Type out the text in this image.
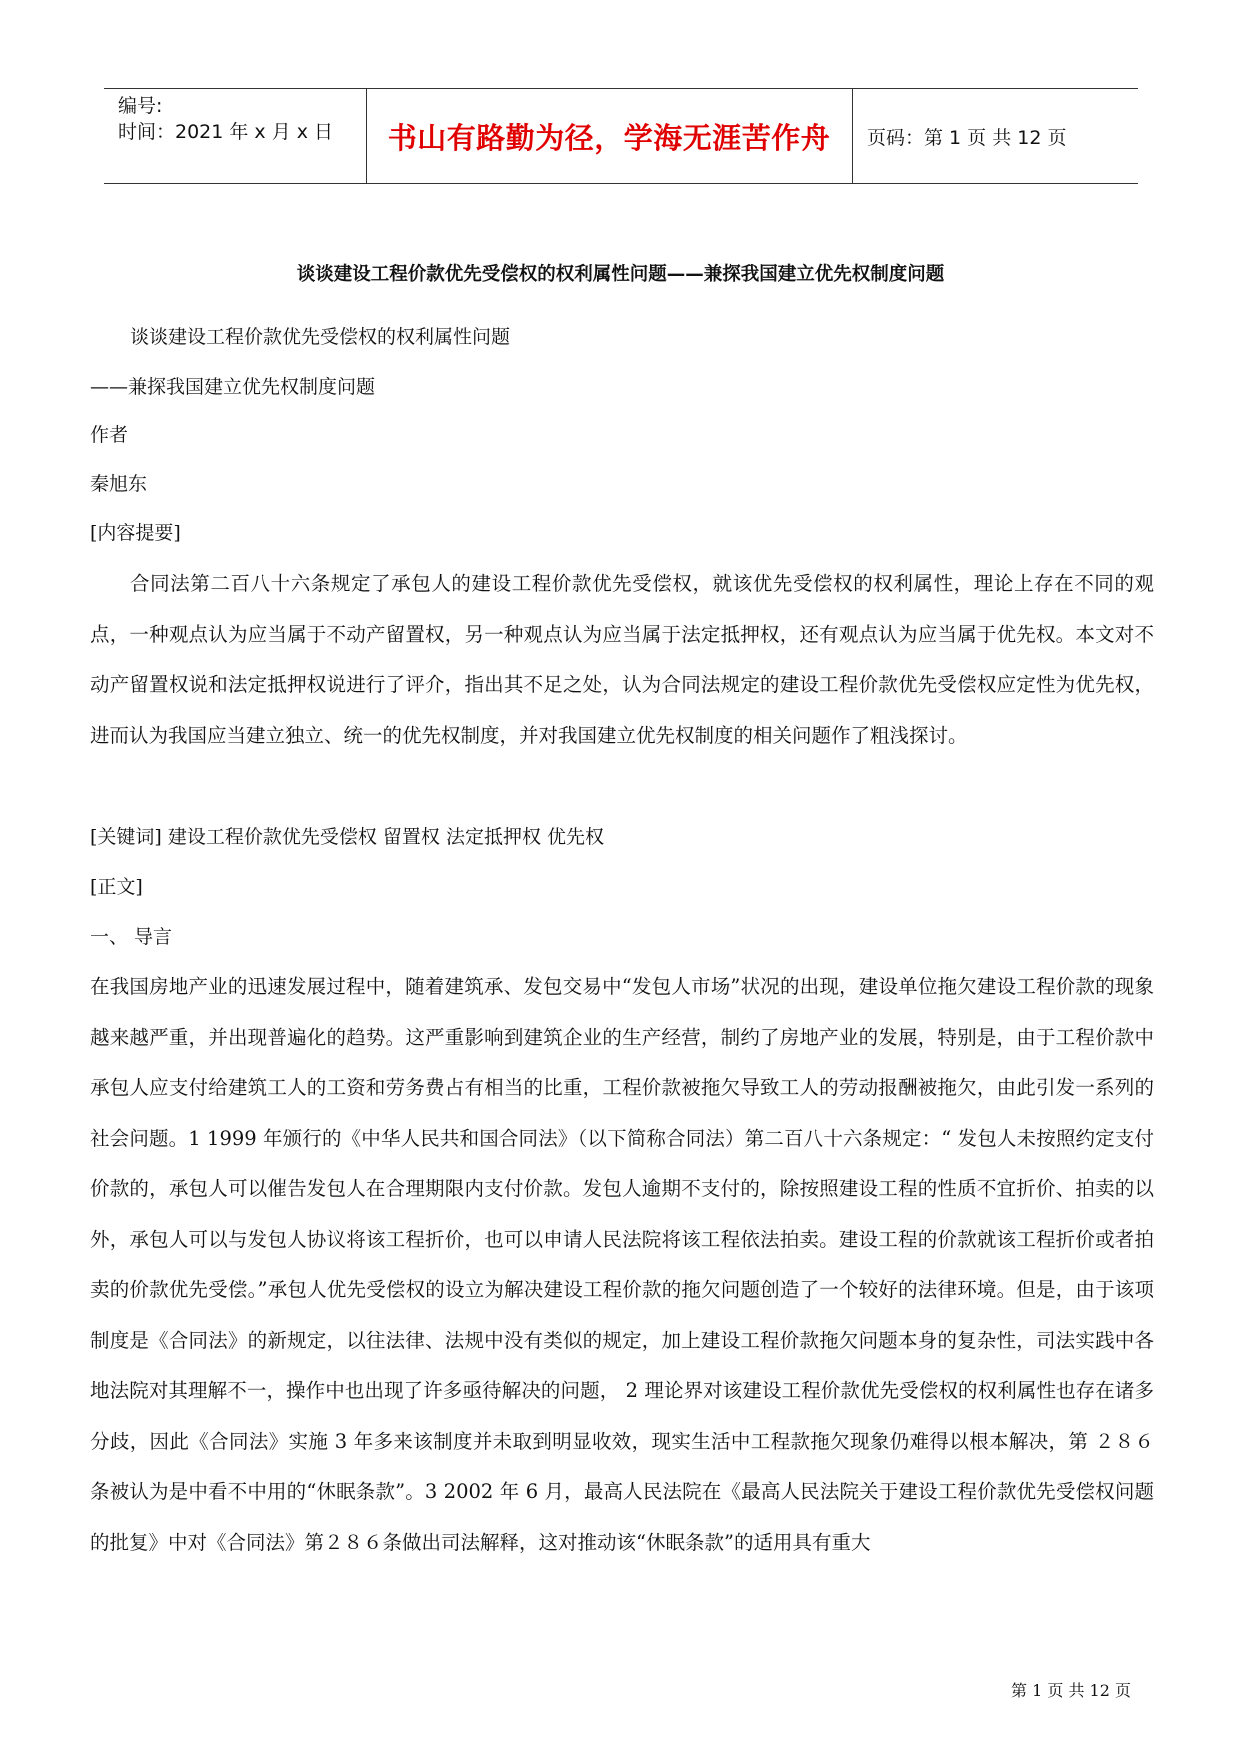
编号:
时间：2021 年 x 月 x 日 书山有路勤为径，学海无涯苦作舟 页码：第 1 页 共 12 页
谈谈建设工程价款优先受偿权的权利属性问题——兼探我国建立优先权制度问题
谈谈建设工程价款优先受偿权的权利属性问题
——兼探我国建立优先权制度问题
作者
秦旭东
[内容提要]
合同法第二百八十六条规定了承包人的建设工程价款优先受偿权，就该优先受偿权的权利属性，理论上存在不同的观点，一种观点认为应当属于不动产留置权，另一种观点认为应当属于法定抵押权，还有观点认为应当属于优先权。本文对不动产留置权说和法定抵押权说进行了评介，指出其不足之处，认为合同法规定的建设工程价款优先受偿权应定性为优先权，进而认为我国应当建立独立、统一的优先权制度，并对我国建立优先权制度的相关问题作了粗浅探讨。
[关键词] 建设工程价款优先受偿权 留置权 法定抵押权 优先权
[正文]
一、 导言
在我国房地产业的迅速发展过程中，随着建筑承、发包交易中“发包人市场”状况的出现，建设单位拖欠建设工程价款的现象越来越严重，并出现普遍化的趋势。这严重影响到建筑企业的生产经营，制约了房地产业的发展，特别是，由于工程价款中承包人应支付给建筑工人的工资和劳务费占有相当的比重，工程价款被拖欠导致工人的劳动报酬被拖欠，由此引发一系列的社会问题。1 1999 年颁行的《中华人民共和国合同法》（以下简称合同法）第二百八十六条规定：“ 发包人未按照约定支付价款的，承包人可以催告发包人在合理期限内支付价款。发包人逾期不支付的，除按照建设工程的性质不宜折价、拍卖的以外，承包人可以与发包人协议将该工程折价，也可以申请人民法院将该工程依法拍卖。建设工程的价款就该工程折价或者拍卖的价款优先受偿。”承包人优先受偿权的设立为解决建设工程价款的拖欠问题创造了一个较好的法律环境。但是，由于该项制度是《合同法》的新规定，以往法律、法规中没有类似的规定，加上建设工程价款拖欠问题本身的复杂性，司法实践中各地法院对其理解不一，操作中也出现了许多亟待解决的问题， 2 理论界对该建设工程价款优先受偿权的权利属性也存在诸多分歧，因此《合同法》实施 3 年多来该制度并未取到明显收效，现实生活中工程款拖欠现象仍难得以根本解决，第 ２８６条被认为是中看不中用的“休眠条款”。3 2002 年 6 月，最高人民法院在《最高人民法院关于建设工程价款优先受偿权问题的批复》中对《合同法》第２８６条做出司法解释，这对推动该“休眠条款”的适用具有重大
第 1 页 共 12 页
